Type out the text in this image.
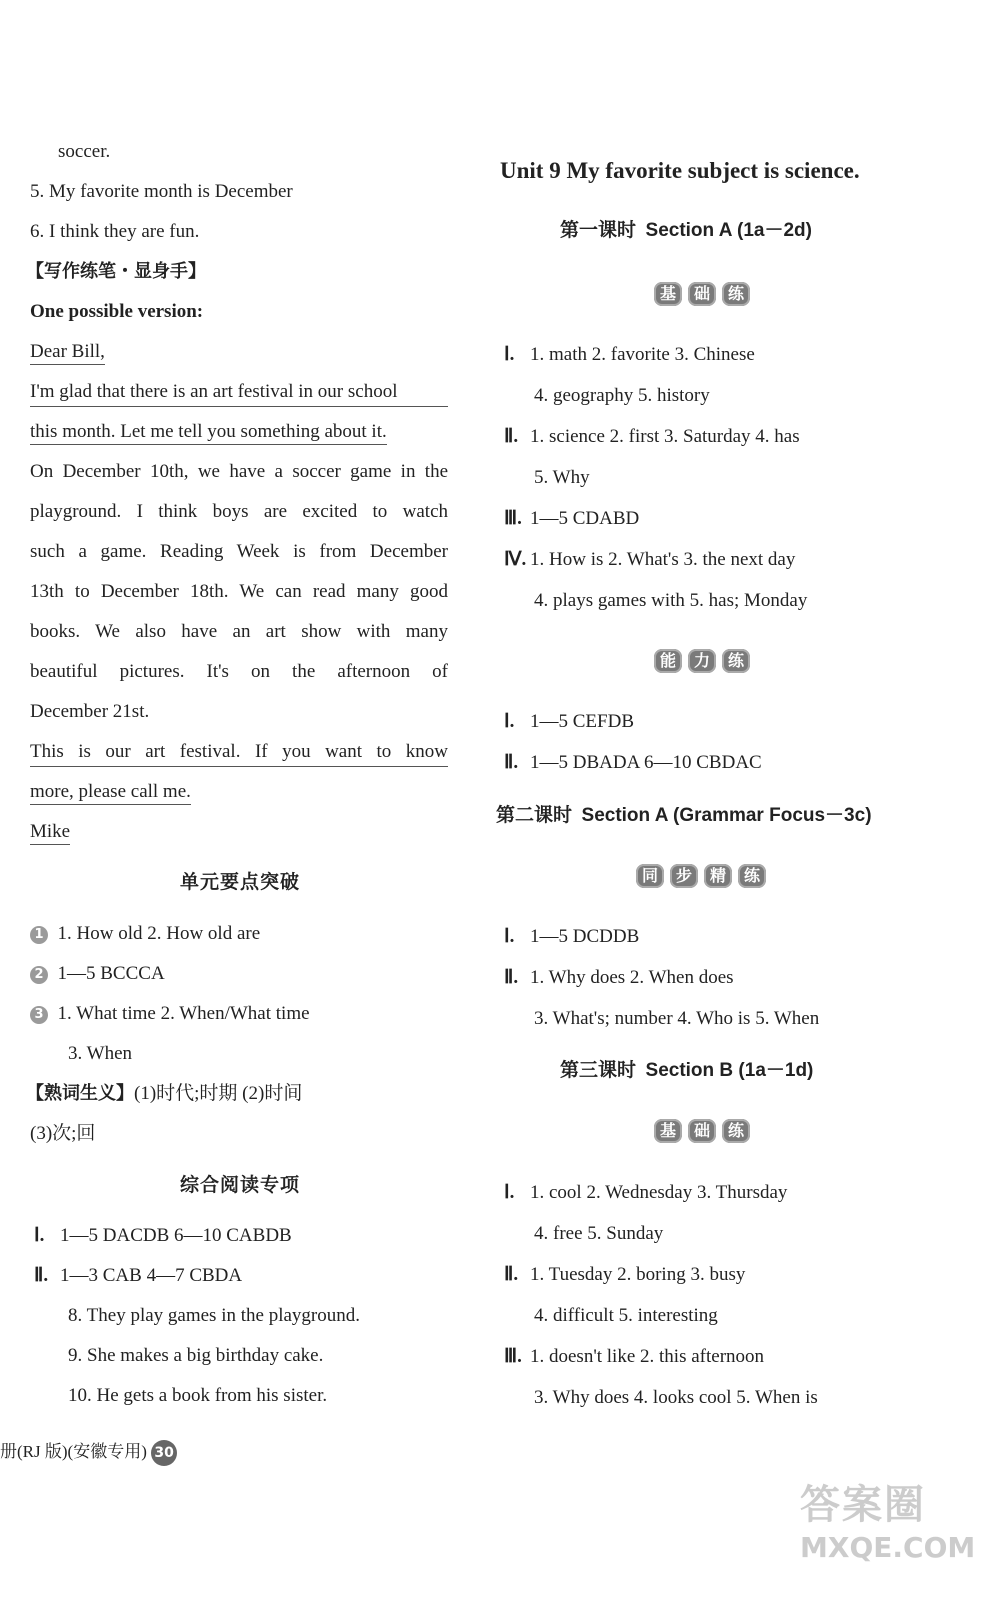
soccer.
5. My favorite month is December
6. I think they are fun.
【写作练笔・显身手】
One possible version:
Dear Bill,
I'm glad that there is an art festival in our school
this month. Let me tell you something about it.
On December 10th, we have a soccer game in the
playground. I think boys are excited to watch
such a game. Reading Week is from December
13th to December 18th. We can read many good
books. We also have an art show with many
beautiful pictures. It's on the afternoon of
December 21st.
This is our art festival. If you want to know
more, please call me.
Mike
单元要点突破
1 1. How old 2. How old are
2 1—5 BCCCA
3 1. What time 2. When/What time
3. When
【熟词生义】(1)时代;时期 (2)时间
(3)次;回
综合阅读专项
Ⅰ. 1—5 DACDB 6—10 CABDB
Ⅱ. 1—3 CAB 4—7 CBDA
8. They play games in the playground.
9. She makes a big birthday cake.
10. He gets a book from his sister.
册(RJ 版)(安徽专用) 30
Unit 9 My favorite subject is science.
第一课时 Section A (1a－2d)
基	础	练
Ⅰ. 1. math 2. favorite 3. Chinese
4. geography 5. history
Ⅱ. 1. science 2. first 3. Saturday 4. has
5. Why
Ⅲ. 1—5 CDABD
Ⅳ. 1. How is 2. What's 3. the next day
4. plays games with 5. has; Monday
能	力	练
Ⅰ. 1—5 CEFDB
Ⅱ. 1—5 DBADA 6—10 CBDAC
第二课时 Section A (Grammar Focus－3c)
同	步	精	练
Ⅰ. 1—5 DCDDB
Ⅱ. 1. Why does 2. When does
3. What's; number 4. Who is 5. When
第三课时 Section B (1a－1d)
基	础	练
Ⅰ. 1. cool 2. Wednesday 3. Thursday
4. free 5. Sunday
Ⅱ. 1. Tuesday 2. boring 3. busy
4. difficult 5. interesting
Ⅲ. 1. doesn't like 2. this afternoon
3. Why does 4. looks cool 5. When is
答案圈
MXQE.COM
